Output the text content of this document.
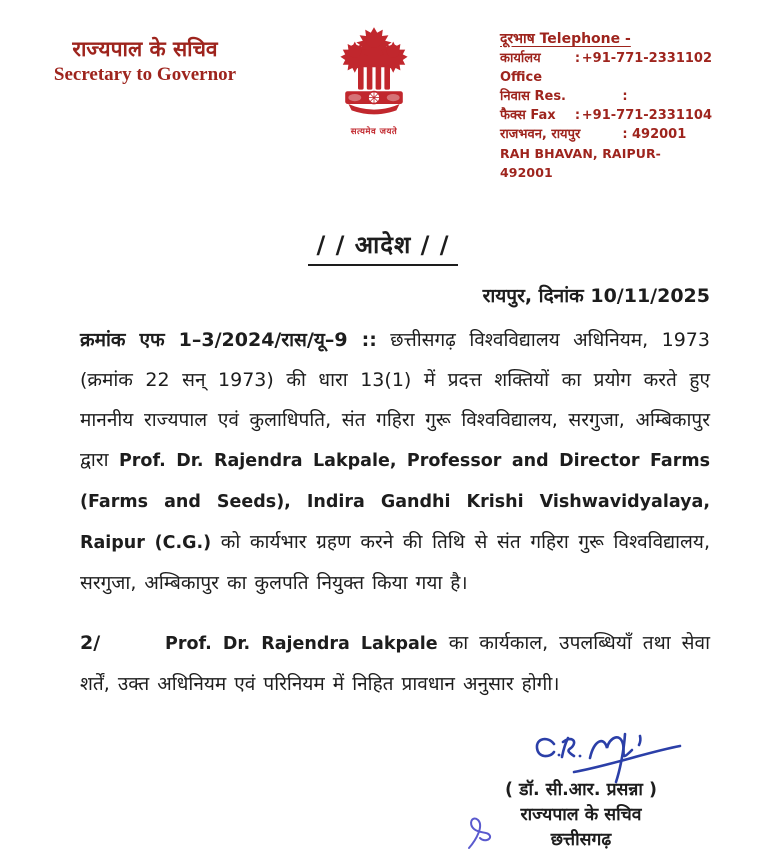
राज्यपाल के सचिव
Secretary to Governor
सत्यमेव जयते
दूरभाष Telephone -
कार्यालय Office
: +91-771-2331102
निवास Res.	:
फैक्स Fax	: +91-771-2331104
राजभवन, रायपुर	: 492001
RAH BHAVAN, RAIPUR-492001
/ / आदेश / /
रायपुर, दिनांक 10/11/2025

क्रमांक एफ 1–3/2024/रास/यू–9 :: छत्तीसगढ़ विश्वविद्यालय अधिनियम, 1973 (क्रमांक 22 सन् 1973) की धारा 13(1) में प्रदत्त शक्तियों का प्रयोग करते हुए माननीय राज्यपाल एवं कुलाधिपति, संत गहिरा गुरू विश्वविद्यालय, सरगुजा, अम्बिकापुर द्वारा Prof. Dr. Rajendra Lakpale, Professor and Director Farms (Farms and Seeds), Indira Gandhi Krishi Vishwavidyalaya, Raipur (C.G.) को कार्यभार ग्रहण करने की तिथि से संत गहिरा गुरू विश्वविद्यालय, सरगुजा, अम्बिकापुर का कुलपति नियुक्त किया गया है।

2/	Prof. Dr. Rajendra Lakpale का कार्यकाल, उपलब्धियाँ तथा सेवा शर्तें, उक्त अधिनियम एवं परिनियम में निहित प्रावधान अनुसार होगी।

( डॉ. सी.आर. प्रसन्ना )
राज्यपाल के सचिव
छत्तीसगढ़
